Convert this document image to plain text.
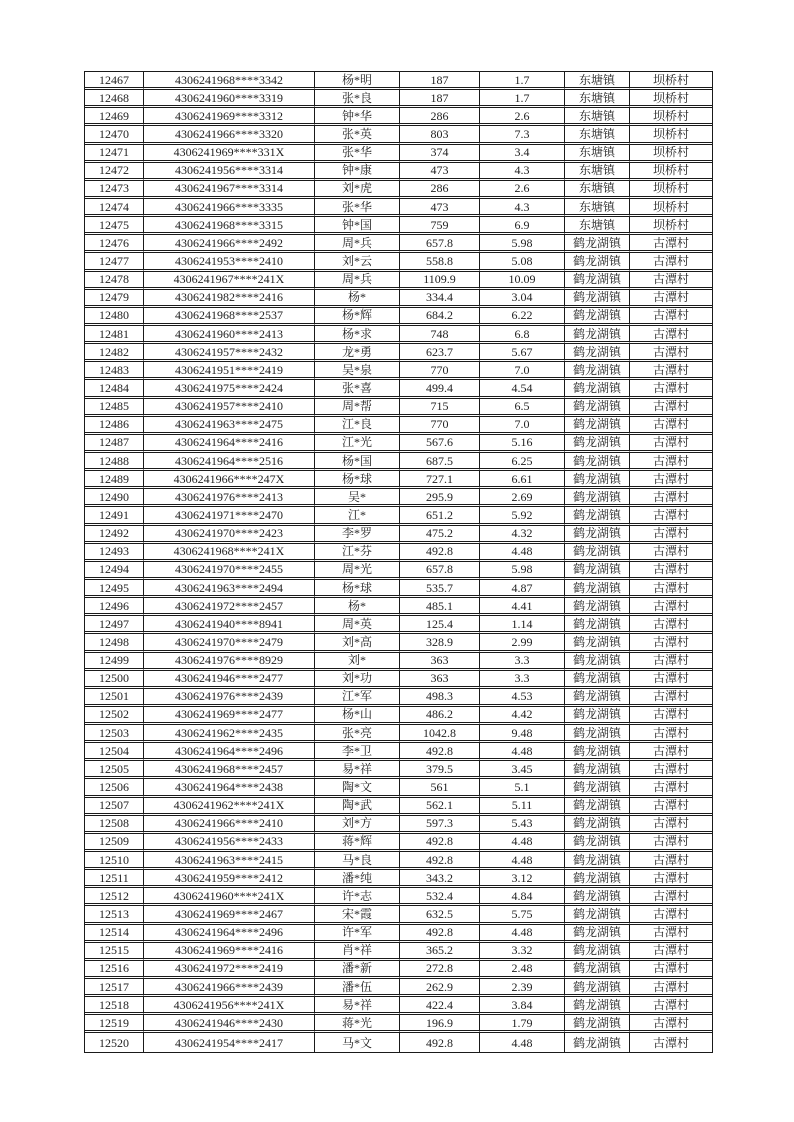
12467	4306241968****3342	杨*明	187	1.7	东塘镇	坝桥村
12468	4306241960****3319	张*良	187	1.7	东塘镇	坝桥村
12469	4306241969****3312	钟*华	286	2.6	东塘镇	坝桥村
12470	4306241966****3320	张*英	803	7.3	东塘镇	坝桥村
12471	4306241969****331X	张*华	374	3.4	东塘镇	坝桥村
12472	4306241956****3314	钟*康	473	4.3	东塘镇	坝桥村
12473	4306241967****3314	刘*虎	286	2.6	东塘镇	坝桥村
12474	4306241966****3335	张*华	473	4.3	东塘镇	坝桥村
12475	4306241968****3315	钟*国	759	6.9	东塘镇	坝桥村
12476	4306241966****2492	周*兵	657.8	5.98	鹤龙湖镇	古潭村
12477	4306241953****2410	刘*云	558.8	5.08	鹤龙湖镇	古潭村
12478	4306241967****241X	周*兵	1109.9	10.09	鹤龙湖镇	古潭村
12479	4306241982****2416	杨*	334.4	3.04	鹤龙湖镇	古潭村
12480	4306241968****2537	杨*辉	684.2	6.22	鹤龙湖镇	古潭村
12481	4306241960****2413	杨*求	748	6.8	鹤龙湖镇	古潭村
12482	4306241957****2432	龙*勇	623.7	5.67	鹤龙湖镇	古潭村
12483	4306241951****2419	吴*泉	770	7.0	鹤龙湖镇	古潭村
12484	4306241975****2424	张*喜	499.4	4.54	鹤龙湖镇	古潭村
12485	4306241957****2410	周*帮	715	6.5	鹤龙湖镇	古潭村
12486	4306241963****2475	江*良	770	7.0	鹤龙湖镇	古潭村
12487	4306241964****2416	江*光	567.6	5.16	鹤龙湖镇	古潭村
12488	4306241964****2516	杨*国	687.5	6.25	鹤龙湖镇	古潭村
12489	4306241966****247X	杨*球	727.1	6.61	鹤龙湖镇	古潭村
12490	4306241976****2413	吴*	295.9	2.69	鹤龙湖镇	古潭村
12491	4306241971****2470	江*	651.2	5.92	鹤龙湖镇	古潭村
12492	4306241970****2423	李*罗	475.2	4.32	鹤龙湖镇	古潭村
12493	4306241968****241X	江*芬	492.8	4.48	鹤龙湖镇	古潭村
12494	4306241970****2455	周*光	657.8	5.98	鹤龙湖镇	古潭村
12495	4306241963****2494	杨*球	535.7	4.87	鹤龙湖镇	古潭村
12496	4306241972****2457	杨*	485.1	4.41	鹤龙湖镇	古潭村
12497	4306241940****8941	周*英	125.4	1.14	鹤龙湖镇	古潭村
12498	4306241970****2479	刘*高	328.9	2.99	鹤龙湖镇	古潭村
12499	4306241976****8929	刘*	363	3.3	鹤龙湖镇	古潭村
12500	4306241946****2477	刘*功	363	3.3	鹤龙湖镇	古潭村
12501	4306241976****2439	江*军	498.3	4.53	鹤龙湖镇	古潭村
12502	4306241969****2477	杨*山	486.2	4.42	鹤龙湖镇	古潭村
12503	4306241962****2435	张*亮	1042.8	9.48	鹤龙湖镇	古潭村
12504	4306241964****2496	李*卫	492.8	4.48	鹤龙湖镇	古潭村
12505	4306241968****2457	易*祥	379.5	3.45	鹤龙湖镇	古潭村
12506	4306241964****2438	陶*文	561	5.1	鹤龙湖镇	古潭村
12507	4306241962****241X	陶*武	562.1	5.11	鹤龙湖镇	古潭村
12508	4306241966****2410	刘*方	597.3	5.43	鹤龙湖镇	古潭村
12509	4306241956****2433	蒋*辉	492.8	4.48	鹤龙湖镇	古潭村
12510	4306241963****2415	马*良	492.8	4.48	鹤龙湖镇	古潭村
12511	4306241959****2412	潘*纯	343.2	3.12	鹤龙湖镇	古潭村
12512	4306241960****241X	许*志	532.4	4.84	鹤龙湖镇	古潭村
12513	4306241969****2467	宋*霞	632.5	5.75	鹤龙湖镇	古潭村
12514	4306241964****2496	许*军	492.8	4.48	鹤龙湖镇	古潭村
12515	4306241969****2416	肖*祥	365.2	3.32	鹤龙湖镇	古潭村
12516	4306241972****2419	潘*新	272.8	2.48	鹤龙湖镇	古潭村
12517	4306241966****2439	潘*伍	262.9	2.39	鹤龙湖镇	古潭村
12518	4306241956****241X	易*祥	422.4	3.84	鹤龙湖镇	古潭村
12519	4306241946****2430	蒋*光	196.9	1.79	鹤龙湖镇	古潭村
12520	4306241954****2417	马*文	492.8	4.48	鹤龙湖镇	古潭村
